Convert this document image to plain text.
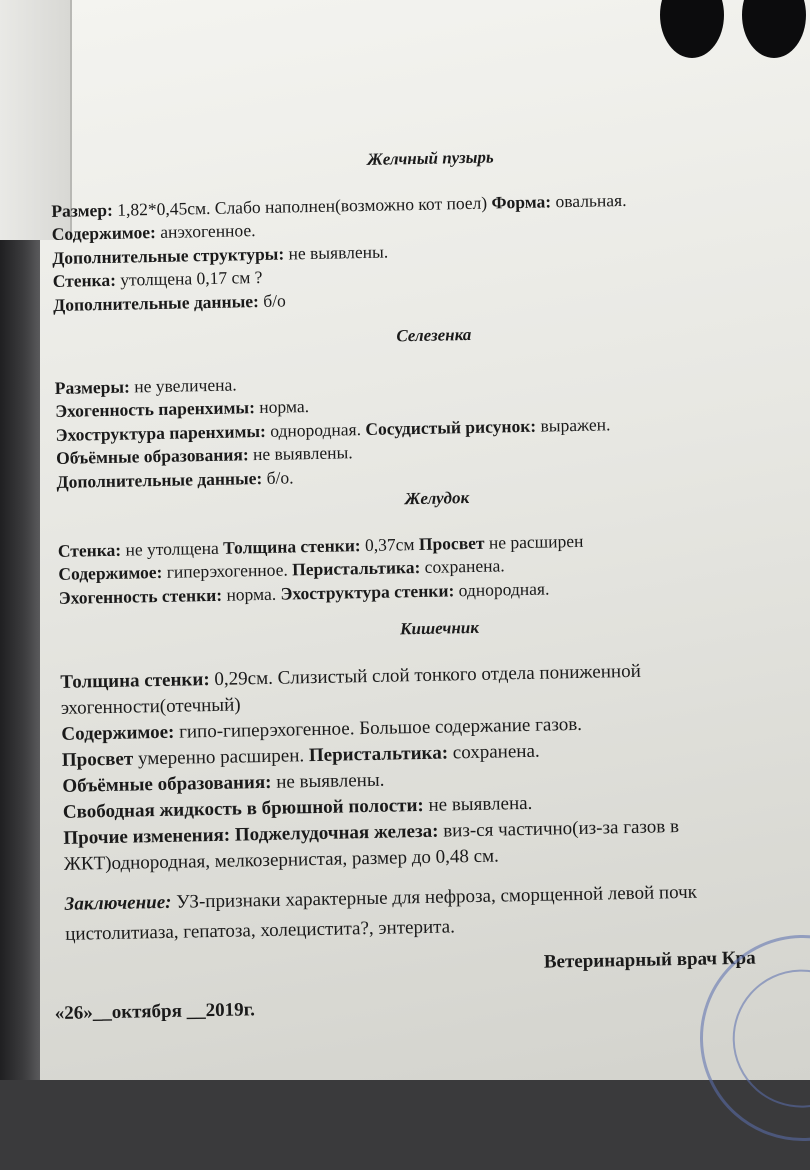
Желчный пузырь
Размер: 1,82*0,45см. Слабо наполнен(возможно кот поел) Форма: овальная.
Содержимое: анэхогенное.
Дополнительные структуры: не выявлены.
Стенка: утолщена 0,17 см ?
Дополнительные данные: б/о
Селезенка
Размеры: не увеличена.
Эхогенность паренхимы: норма.
Эхоструктура паренхимы: однородная. Сосудистый рисунок: выражен.
Объёмные образования: не выявлены.
Дополнительные данные: б/о.
Желудок
Стенка: не утолщена Толщина стенки: 0,37см Просвет не расширен
Содержимое: гиперэхогенное. Перистальтика: сохранена.
Эхогенность стенки: норма. Эхоструктура стенки: однородная.
Кишечник
Толщина стенки: 0,29см. Слизистый слой тонкого отдела пониженной
эхогенности(отечный)
Содержимое: гипо-гиперэхогенное. Большое содержание газов.
Просвет умеренно расширен. Перистальтика: сохранена.
Объёмные образования: не выявлены.
Свободная жидкость в брюшной полости: не выявлена.
Прочие изменения: Поджелудочная железа: виз-ся частично(из-за газов в
ЖКТ)однородная, мелкозернистая, размер до 0,48 см.
Заключение: УЗ-признаки характерные для нефроза, сморщенной левой почк
цистолитиаза, гепатоза, холецистита?, энтерита.
Ветеринарный врач Кра
«26»__октября __2019г.
